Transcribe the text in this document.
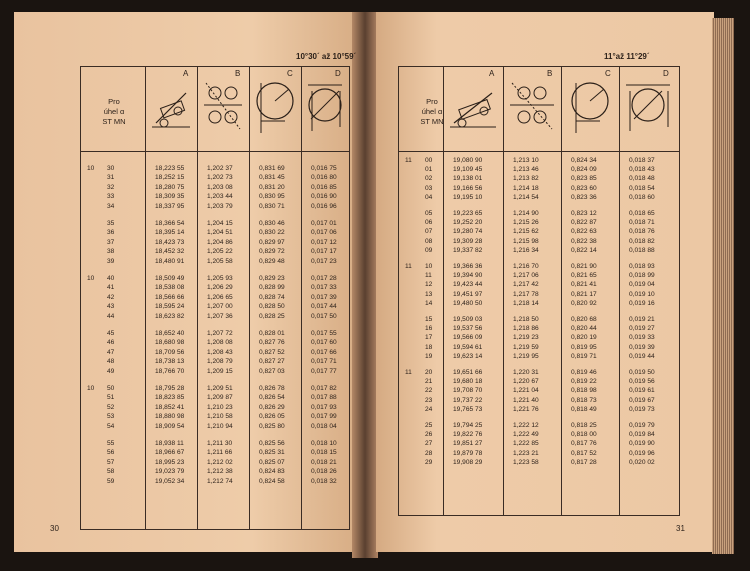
10°30´ až 10°59´	11°až 11°29´
30	31
Pro
úhel α
ST MN
A	B	C	D
10 30	18,223 55	1,202 37	0,831 69	0,016 75
31	18,252 15	1,202 73	0,831 45	0,016 80
32	18,280 75	1,203 08	0,831 20	0,016 85
33	18,309 35	1,203 44	0,830 95	0,016 90
34	18,337 95	1,203 79	0,830 71	0,016 96
35	18,366 54	1,204 15	0,830 46	0,017 01
36	18,395 14	1,204 51	0,830 22	0,017 06
37	18,423 73	1,204 86	0,829 97	0,017 12
38	18,452 32	1,205 22	0,829 72	0,017 17
39	18,480 91	1,205 58	0,829 48	0,017 23
10 40	18,509 49	1,205 93	0,829 23	0,017 28
41	18,538 08	1,206 29	0,828 99	0,017 33
42	18,566 66	1,206 65	0,828 74	0,017 39
43	18,595 24	1,207 00	0,828 50	0,017 44
44	18,623 82	1,207 36	0,828 25	0,017 50
45	18,652 40	1,207 72	0,828 01	0,017 55
46	18,680 98	1,208 08	0,827 76	0,017 60
47	18,709 56	1,208 43	0,827 52	0,017 66
48	18,738 13	1,208 79	0,827 27	0,017 71
49	18,766 70	1,209 15	0,827 03	0,017 77
10 50	18,795 28	1,209 51	0,826 78	0,017 82
51	18,823 85	1,209 87	0,826 54	0,017 88
52	18,852 41	1,210 23	0,826 29	0,017 93
53	18,880 98	1,210 58	0,826 05	0,017 99
54	18,909 54	1,210 94	0,825 80	0,018 04
55	18,938 11	1,211 30	0,825 56	0,018 10
56	18,966 67	1,211 66	0,825 31	0,018 15
57	18,995 23	1,212 02	0,825 07	0,018 21
58	19,023 79	1,212 38	0,824 83	0,018 26
59	19,052 34	1,212 74	0,824 58	0,018 32
Pro
úhel α
ST MN
A	B	C	D
11 00	19,080 90	1,213 10	0,824 34	0,018 37
01	19,109 45	1,213 46	0,824 09	0,018 43
02	19,138 01	1,213 82	0,823 85	0,018 48
03	19,166 56	1,214 18	0,823 60	0,018 54
04	19,195 10	1,214 54	0,823 36	0,018 60
05	19,223 65	1,214 90	0,823 12	0,018 65
06	19,252 20	1,215 26	0,822 87	0,018 71
07	19,280 74	1,215 62	0,822 63	0,018 76
08	19,309 28	1,215 98	0,822 38	0,018 82
09	19,337 82	1,216 34	0,822 14	0,018 88
11 10	19,366 36	1,216 70	0,821 90	0,018 93
11	19,394 90	1,217 06	0,821 65	0,018 99
12	19,423 44	1,217 42	0,821 41	0,019 04
13	19,451 97	1,217 78	0,821 17	0,019 10
14	19,480 50	1,218 14	0,820 92	0,019 16
15	19,509 03	1,218 50	0,820 68	0,019 21
16	19,537 56	1,218 86	0,820 44	0,019 27
17	19,566 09	1,219 23	0,820 19	0,019 33
18	19,594 61	1,219 59	0,819 95	0,019 39
19	19,623 14	1,219 95	0,819 71	0,019 44
11 20	19,651 66	1,220 31	0,819 46	0,019 50
21	19,680 18	1,220 67	0,819 22	0,019 56
22	19,708 70	1,221 04	0,818 98	0,019 61
23	19,737 22	1,221 40	0,818 73	0,019 67
24	19,765 73	1,221 76	0,818 49	0,019 73
25	19,794 25	1,222 12	0,818 25	0,019 79
26	19,822 76	1,222 49	0,818 00	0,019 84
27	19,851 27	1,222 85	0,817 76	0,019 90
28	19,879 78	1,223 21	0,817 52	0,019 96
29	19,908 29	1,223 58	0,817 28	0,020 02
